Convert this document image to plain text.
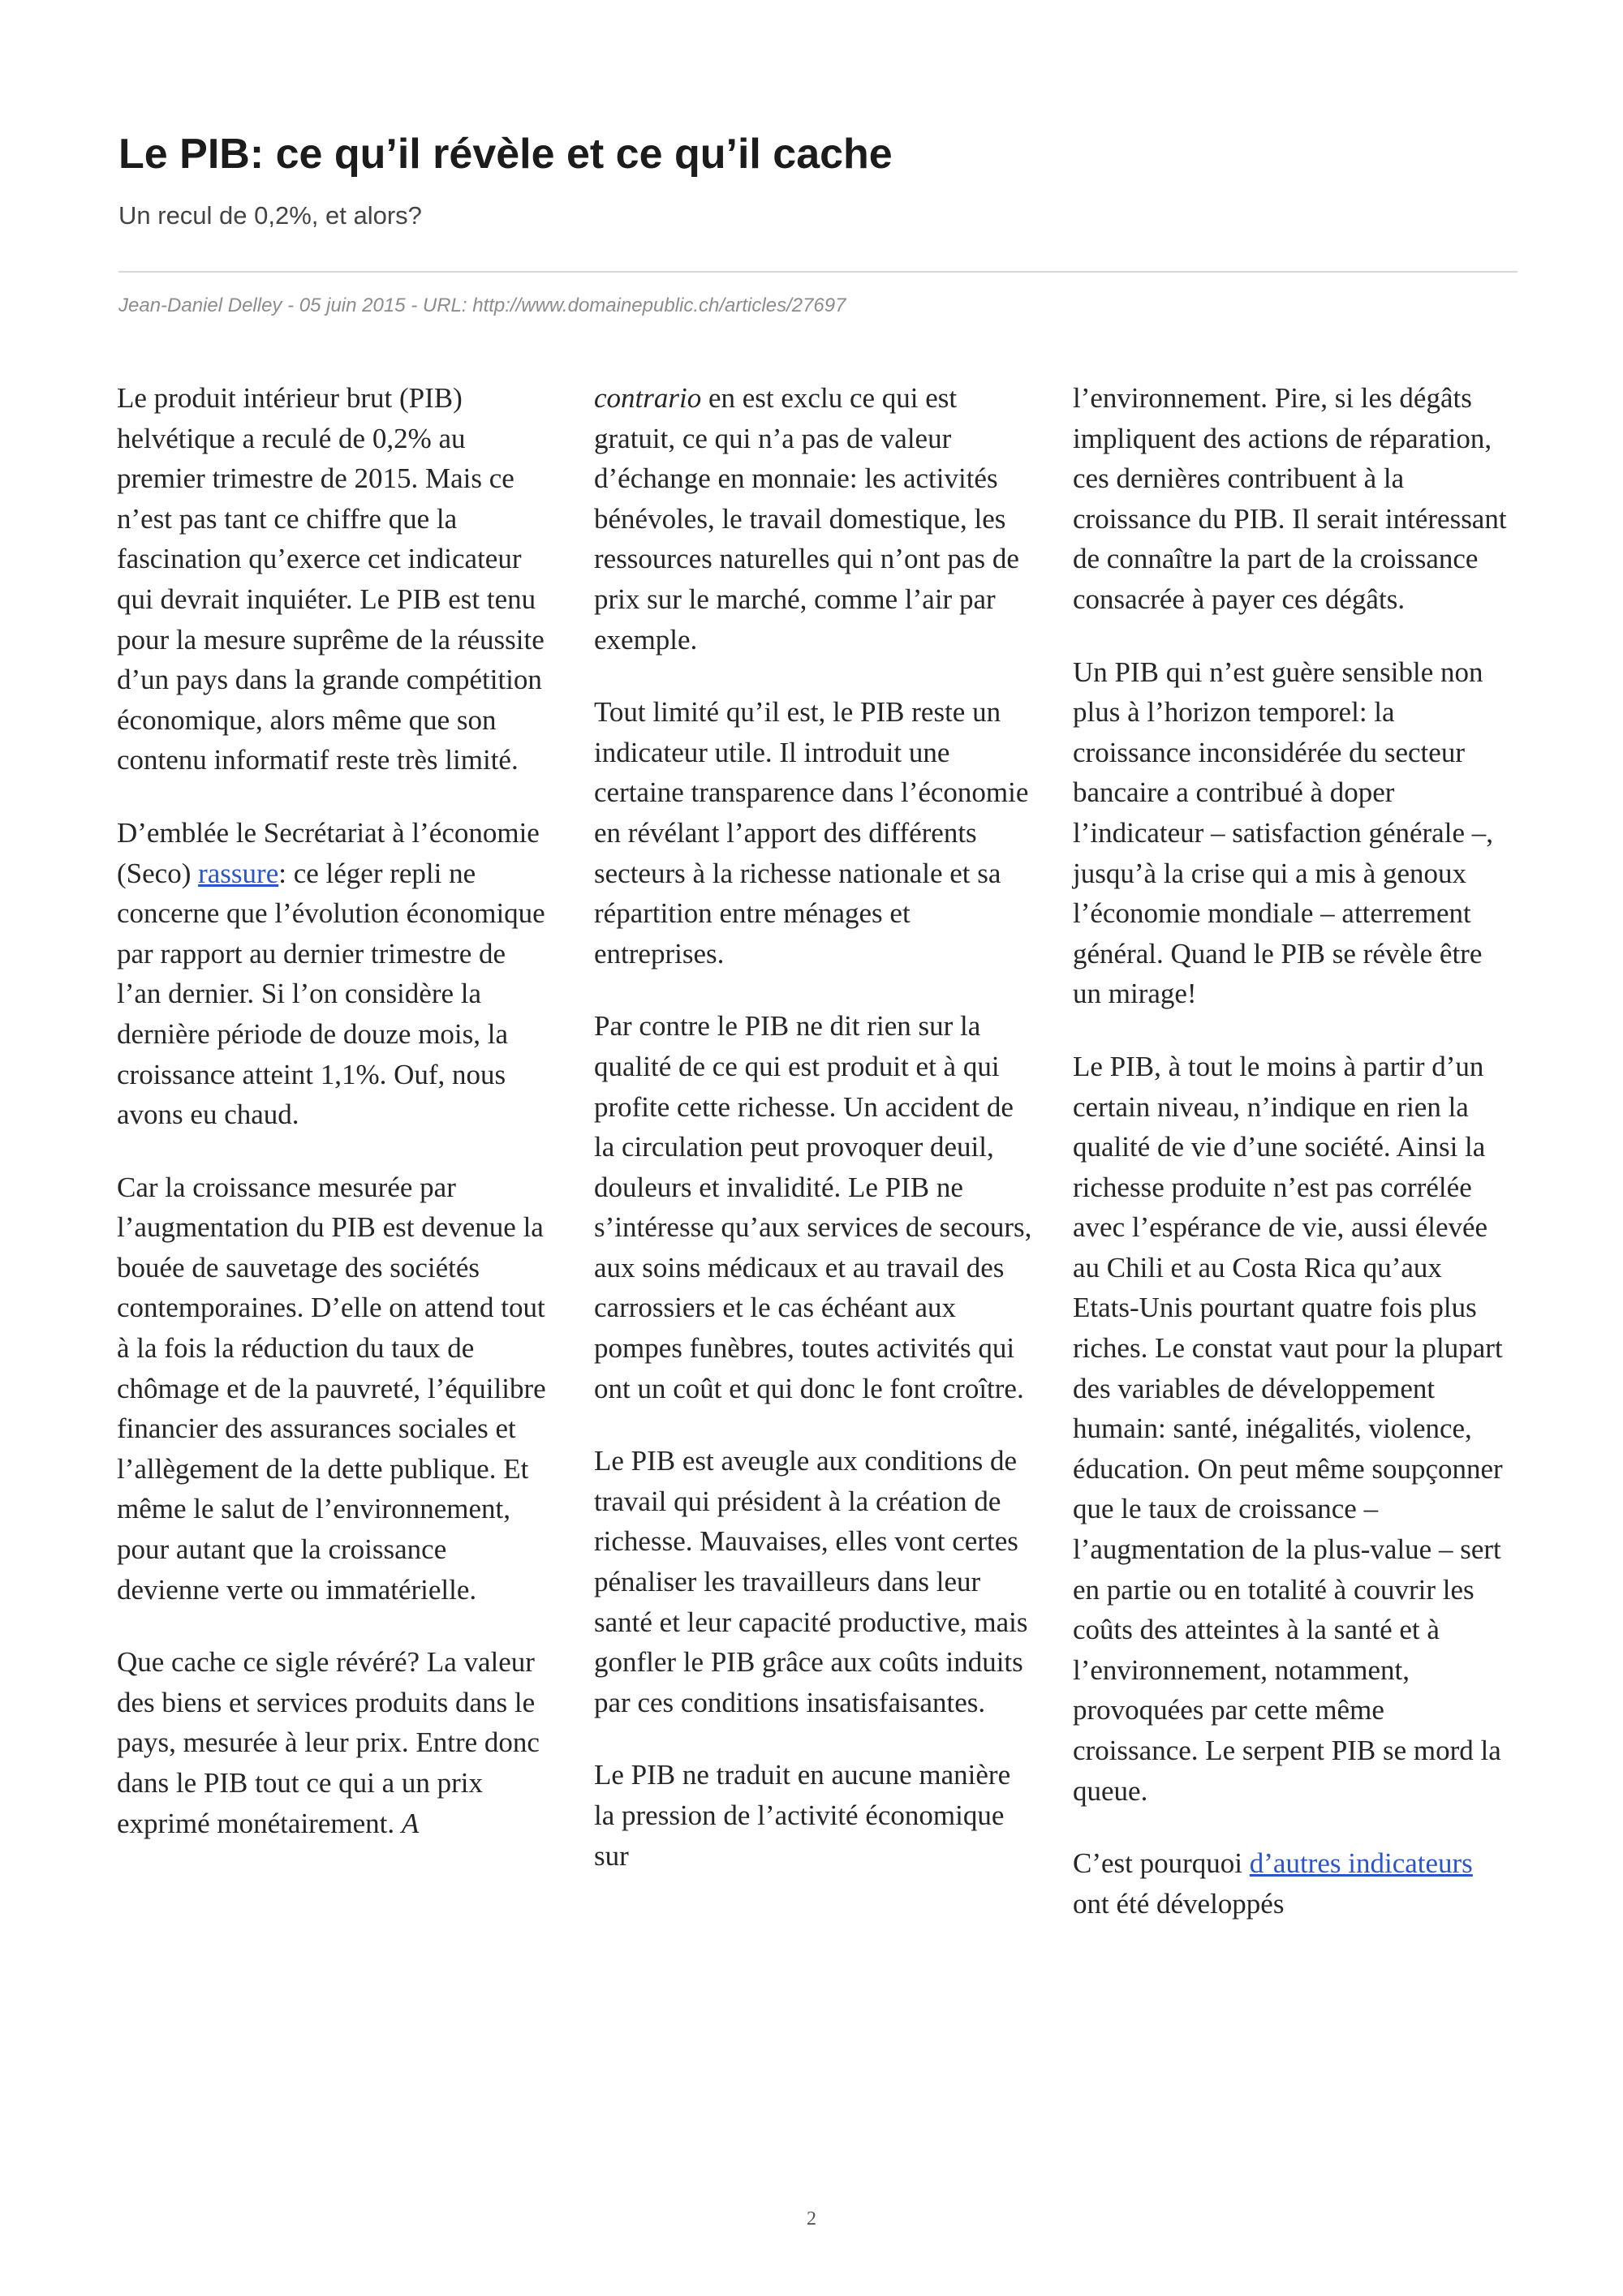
Le PIB: ce qu’il révèle et ce qu’il cache

Un recul de 0,2%, et alors?

Jean-Daniel Delley - 05 juin 2015 - URL: http://www.domainepublic.ch/articles/27697

Le produit intérieur brut (PIB) helvétique a reculé de 0,2% au premier trimestre de 2015. Mais ce n’est pas tant ce chiffre que la fascination qu’exerce cet indicateur qui devrait inquiéter. Le PIB est tenu pour la mesure suprême de la réussite d’un pays dans la grande compétition économique, alors même que son contenu informatif reste très limité.

D’emblée le Secrétariat à l’économie (Seco) rassure: ce léger repli ne concerne que l’évolution économique par rapport au dernier trimestre de l’an dernier. Si l’on considère la dernière période de douze mois, la croissance atteint 1,1%. Ouf, nous avons eu chaud.

Car la croissance mesurée par l’augmentation du PIB est devenue la bouée de sauvetage des sociétés contemporaines. D’elle on attend tout à la fois la réduction du taux de chômage et de la pauvreté, l’équilibre financier des assurances sociales et l’allègement de la dette publique. Et même le salut de l’environnement, pour autant que la croissance devienne verte ou immatérielle.

Que cache ce sigle révéré? La valeur des biens et services produits dans le pays, mesurée à leur prix. Entre donc dans le PIB tout ce qui a un prix exprimé monétairement. A

contrario en est exclu ce qui est gratuit, ce qui n’a pas de valeur d’échange en monnaie: les activités bénévoles, le travail domestique, les ressources naturelles qui n’ont pas de prix sur le marché, comme l’air par exemple.

Tout limité qu’il est, le PIB reste un indicateur utile. Il introduit une certaine transparence dans l’économie en révélant l’apport des différents secteurs à la richesse nationale et sa répartition entre ménages et entreprises.

Par contre le PIB ne dit rien sur la qualité de ce qui est produit et à qui profite cette richesse. Un accident de la circulation peut provoquer deuil, douleurs et invalidité. Le PIB ne s’intéresse qu’aux services de secours, aux soins médicaux et au travail des carrossiers et le cas échéant aux pompes funèbres, toutes activités qui ont un coût et qui donc le font croître.

Le PIB est aveugle aux conditions de travail qui président à la création de richesse. Mauvaises, elles vont certes pénaliser les travailleurs dans leur santé et leur capacité productive, mais gonfler le PIB grâce aux coûts induits par ces conditions insatisfaisantes.

Le PIB ne traduit en aucune manière la pression de l’activité économique sur

l’environnement. Pire, si les dégâts impliquent des actions de réparation, ces dernières contribuent à la croissance du PIB. Il serait intéressant de connaître la part de la croissance consacrée à payer ces dégâts.

Un PIB qui n’est guère sensible non plus à l’horizon temporel: la croissance inconsidérée du secteur bancaire a contribué à doper l’indicateur – satisfaction générale –, jusqu’à la crise qui a mis à genoux l’économie mondiale – atterrement général. Quand le PIB se révèle être un mirage!

Le PIB, à tout le moins à partir d’un certain niveau, n’indique en rien la qualité de vie d’une société. Ainsi la richesse produite n’est pas corrélée avec l’espérance de vie, aussi élevée au Chili et au Costa Rica qu’aux Etats-Unis pourtant quatre fois plus riches. Le constat vaut pour la plupart des variables de développement humain: santé, inégalités, violence, éducation. On peut même soupçonner que le taux de croissance – l’augmentation de la plus-value – sert en partie ou en totalité à couvrir les coûts des atteintes à la santé et à l’environnement, notamment, provoquées par cette même croissance. Le serpent PIB se mord la queue.

C’est pourquoi d’autres indicateurs ont été développés

2
